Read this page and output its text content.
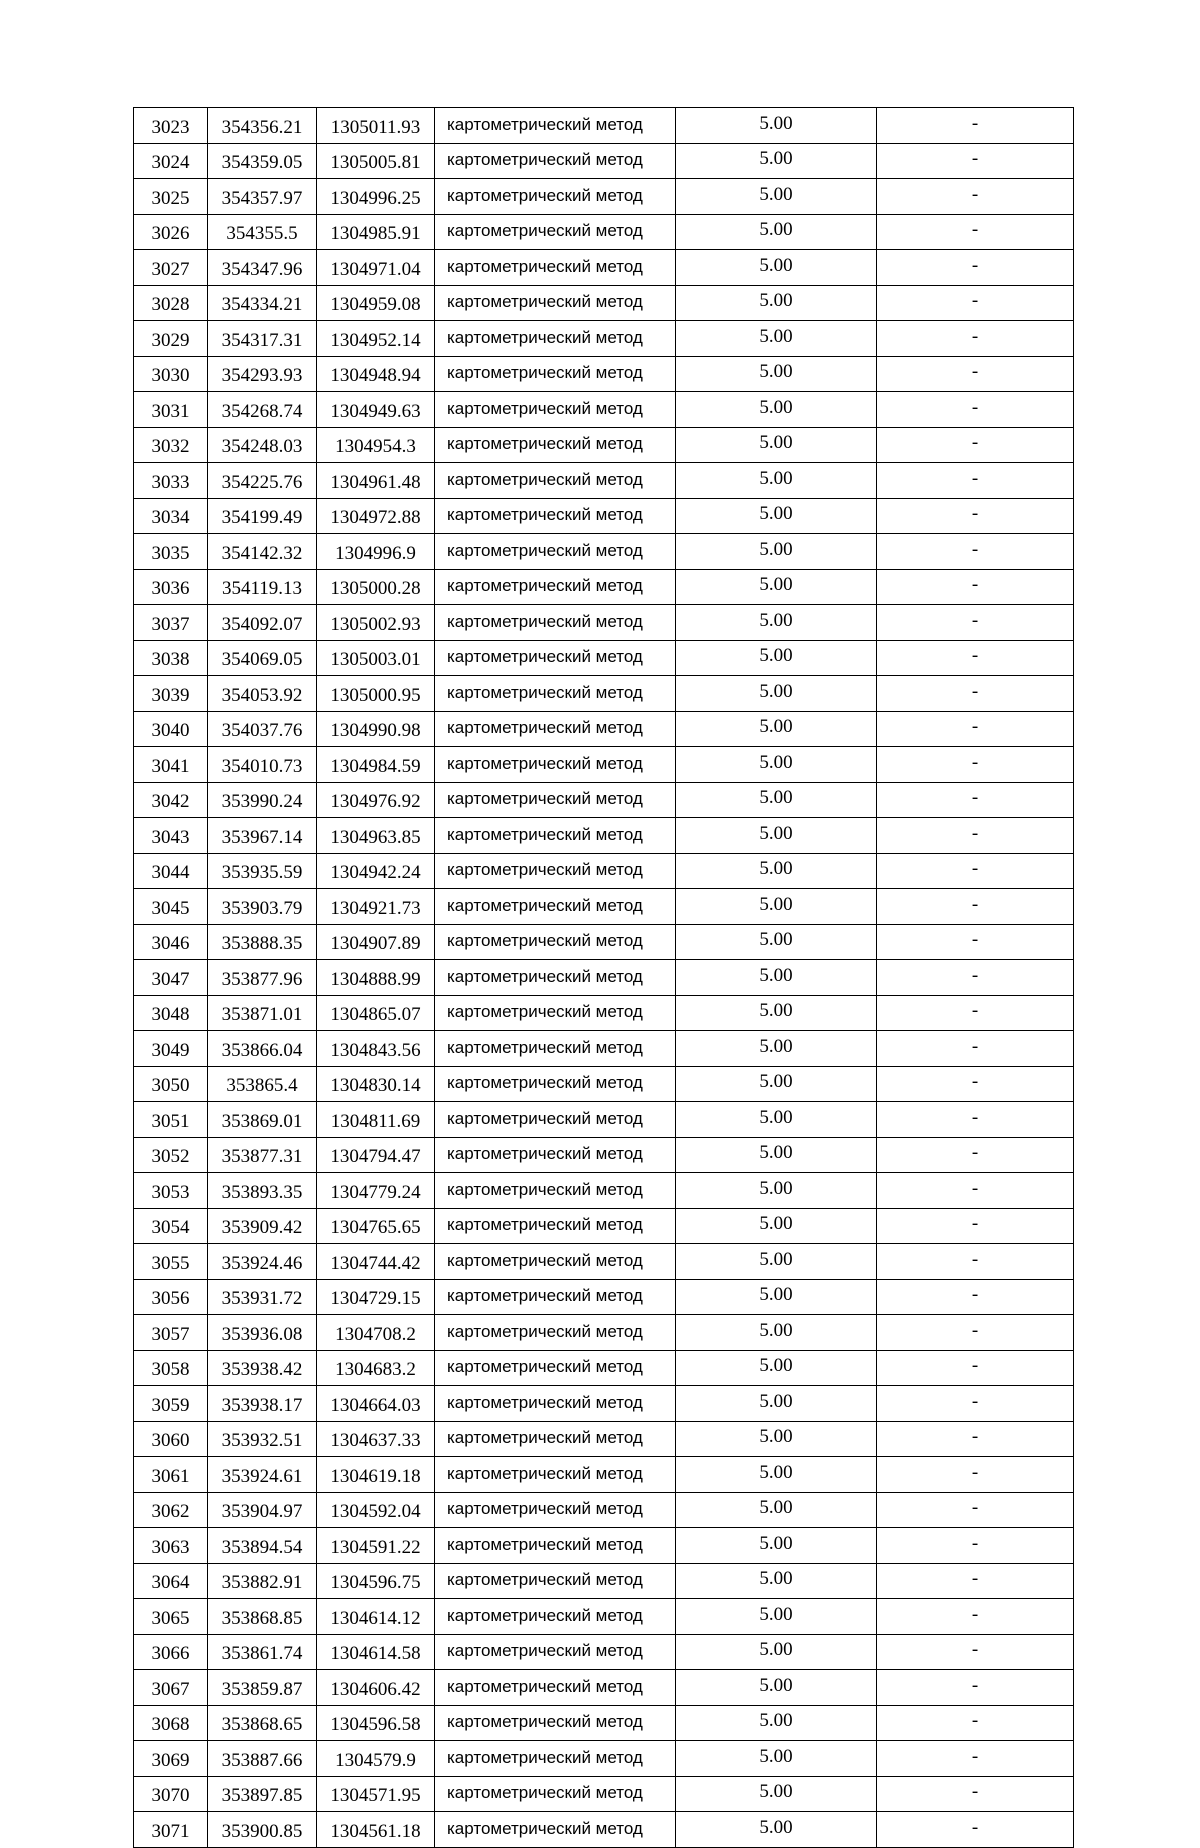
3023	354356.21	1305011.93	картометрический метод	5.00	-
3024	354359.05	1305005.81	картометрический метод	5.00	-
3025	354357.97	1304996.25	картометрический метод	5.00	-
3026	354355.5	1304985.91	картометрический метод	5.00	-
3027	354347.96	1304971.04	картометрический метод	5.00	-
3028	354334.21	1304959.08	картометрический метод	5.00	-
3029	354317.31	1304952.14	картометрический метод	5.00	-
3030	354293.93	1304948.94	картометрический метод	5.00	-
3031	354268.74	1304949.63	картометрический метод	5.00	-
3032	354248.03	1304954.3	картометрический метод	5.00	-
3033	354225.76	1304961.48	картометрический метод	5.00	-
3034	354199.49	1304972.88	картометрический метод	5.00	-
3035	354142.32	1304996.9	картометрический метод	5.00	-
3036	354119.13	1305000.28	картометрический метод	5.00	-
3037	354092.07	1305002.93	картометрический метод	5.00	-
3038	354069.05	1305003.01	картометрический метод	5.00	-
3039	354053.92	1305000.95	картометрический метод	5.00	-
3040	354037.76	1304990.98	картометрический метод	5.00	-
3041	354010.73	1304984.59	картометрический метод	5.00	-
3042	353990.24	1304976.92	картометрический метод	5.00	-
3043	353967.14	1304963.85	картометрический метод	5.00	-
3044	353935.59	1304942.24	картометрический метод	5.00	-
3045	353903.79	1304921.73	картометрический метод	5.00	-
3046	353888.35	1304907.89	картометрический метод	5.00	-
3047	353877.96	1304888.99	картометрический метод	5.00	-
3048	353871.01	1304865.07	картометрический метод	5.00	-
3049	353866.04	1304843.56	картометрический метод	5.00	-
3050	353865.4	1304830.14	картометрический метод	5.00	-
3051	353869.01	1304811.69	картометрический метод	5.00	-
3052	353877.31	1304794.47	картометрический метод	5.00	-
3053	353893.35	1304779.24	картометрический метод	5.00	-
3054	353909.42	1304765.65	картометрический метод	5.00	-
3055	353924.46	1304744.42	картометрический метод	5.00	-
3056	353931.72	1304729.15	картометрический метод	5.00	-
3057	353936.08	1304708.2	картометрический метод	5.00	-
3058	353938.42	1304683.2	картометрический метод	5.00	-
3059	353938.17	1304664.03	картометрический метод	5.00	-
3060	353932.51	1304637.33	картометрический метод	5.00	-
3061	353924.61	1304619.18	картометрический метод	5.00	-
3062	353904.97	1304592.04	картометрический метод	5.00	-
3063	353894.54	1304591.22	картометрический метод	5.00	-
3064	353882.91	1304596.75	картометрический метод	5.00	-
3065	353868.85	1304614.12	картометрический метод	5.00	-
3066	353861.74	1304614.58	картометрический метод	5.00	-
3067	353859.87	1304606.42	картометрический метод	5.00	-
3068	353868.65	1304596.58	картометрический метод	5.00	-
3069	353887.66	1304579.9	картометрический метод	5.00	-
3070	353897.85	1304571.95	картометрический метод	5.00	-
3071	353900.85	1304561.18	картометрический метод	5.00	-
